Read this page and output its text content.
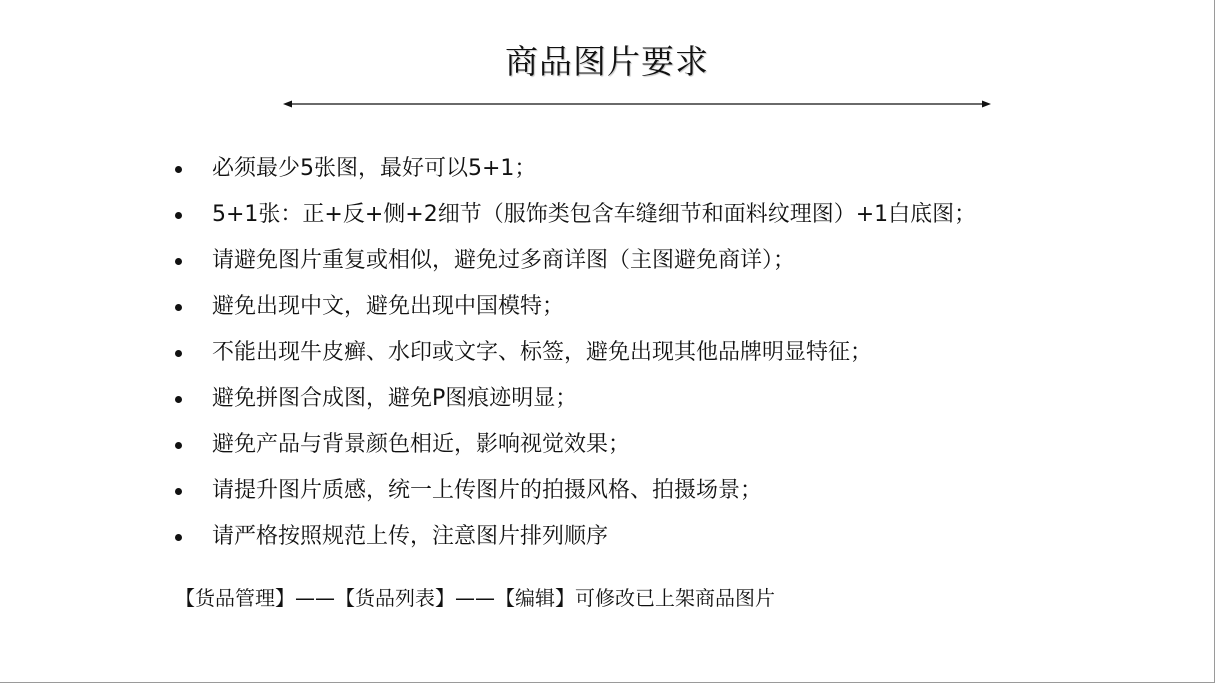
商品图片要求
必须最少5张图，最好可以5+1；
5+1张：正+反+侧+2细节（服饰类包含车缝细节和面料纹理图）+1白底图；
请避免图片重复或相似，避免过多商详图（主图避免商详）；
避免出现中文，避免出现中国模特；
不能出现牛皮癣、水印或文字、标签，避免出现其他品牌明显特征；
避免拼图合成图，避免P图痕迹明显；
避免产品与背景颜色相近，影响视觉效果；
请提升图片质感，统一上传图片的拍摄风格、拍摄场景；
请严格按照规范上传，注意图片排列顺序
【货品管理】——【货品列表】——【编辑】可修改已上架商品图片
